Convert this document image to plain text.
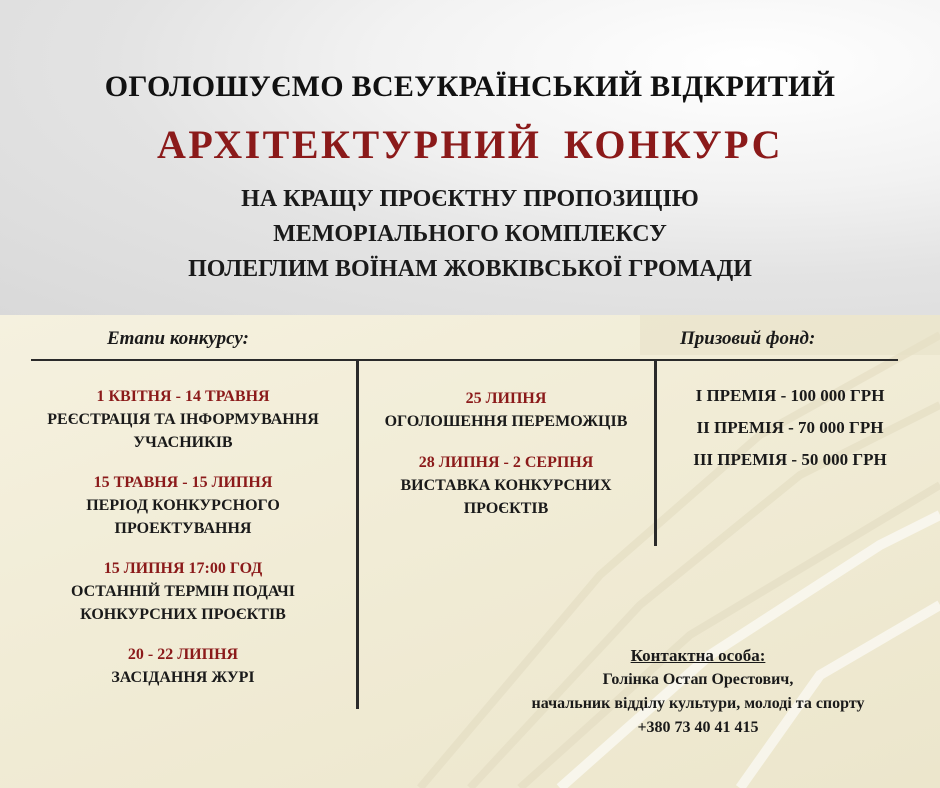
ОГОЛОШУЄМО ВСЕУКРАЇНСЬКИЙ ВІДКРИТИЙ
АРХІТЕКТУРНИЙ КОНКУРС
НА КРАЩУ ПРОЄКТНУ ПРОПОЗИЦІЮ
МЕМОРІАЛЬНОГО КОМПЛЕКСУ
ПОЛЕГЛИМ ВОЇНАМ ЖОВКІВСЬКОЇ ГРОМАДИ
Етапи конкурсу:	Призовий фонд:
1 КВІТНЯ - 14 ТРАВНЯ
РЕЄСТРАЦІЯ ТА ІНФОРМУВАННЯ
УЧАСНИКІВ
15 ТРАВНЯ - 15 ЛИПНЯ
ПЕРІОД КОНКУРСНОГО
ПРОЕКТУВАННЯ
15 ЛИПНЯ 17:00 ГОД
ОСТАННІЙ ТЕРМІН ПОДАЧІ
КОНКУРСНИХ ПРОЄКТІВ
20 - 22 ЛИПНЯ
ЗАСІДАННЯ ЖУРІ
25 ЛИПНЯ
ОГОЛОШЕННЯ ПЕРЕМОЖЦІВ
28 ЛИПНЯ - 2 СЕРПНЯ
ВИСТАВКА КОНКУРСНИХ
ПРОЄКТІВ
I ПРЕМІЯ - 100 000 ГРН
II ПРЕМІЯ - 70 000 ГРН
III ПРЕМІЯ - 50 000 ГРН
Контактна особа:
Голінка Остап Орестович,
начальник відділу культури, молоді та спорту
+380 73 40 41 415
